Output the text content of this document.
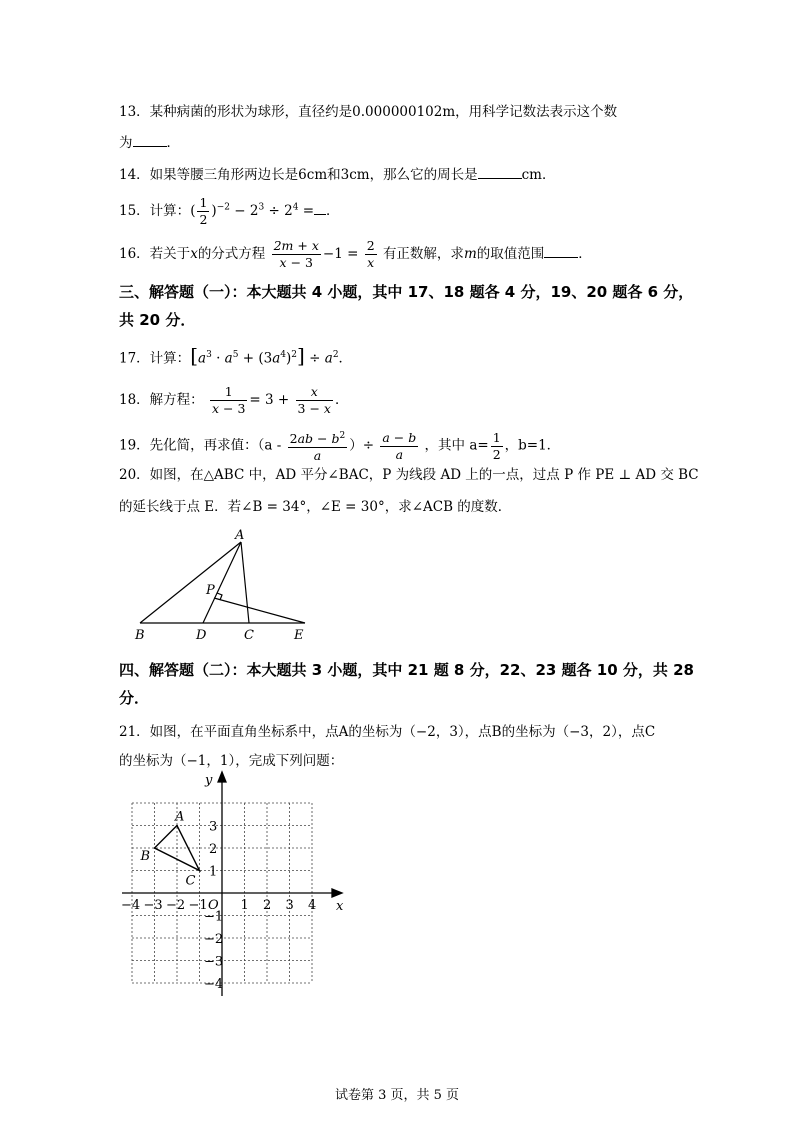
13．某种病菌的形状为球形，直径约是0.000000102m，用科学记数法表示这个数
为	．
14．如果等腰三角形两边长是6cm和3cm，那么它的周长是	cm．
15．计算：( $\frac{1}{2} )^{-2} - 2^3 \div 2^4$ = ．
16．若关于x的分式方程 $\frac{2m + x}{x - 3} -1 = \frac{2}{x}$ 有正数解，求m的取值范围	．
三、解答题（一）：本大题共 4 小题，其中 17、18 题各 4 分，19、20 题各 6 分，
共 20 分．
17．计算：$[a^3 \cdot a^5 + (3a^4)^2] \div a^2$．
18．解方程： $\frac{1}{x - 3} = 3 + \frac{x}{3 - x}$ ．
19．先化简，再求值：（$a - \frac{2ab - b^2}{a}$ ）÷ $\frac{a - b}{a}$ ，其中 $a= \frac{1}{2}$ ，b=1．
20．如图，在△ABC 中，AD 平分∠BAC，P 为线段 AD 上的一点，过点 P 作 PE ⊥ AD 交 BC
的延长线于点 E．若∠B = 34°，∠E = 30°，求∠ACB 的度数．
A
P
B	D	C	E
四、解答题（二）：本大题共 3 小题，其中 21 题 8 分，22、23 题各 10 分，共 28
分．
21．如图，在平面直角坐标系中，点A的坐标为（−2，3），点B的坐标为（−3，2），点C
的坐标为（−1，1），完成下列问题：
−4 −3 −2 −1	1 2 3 4
3
2
1
−1
−2
−3
−4
A
B
C
x
y
O
试卷第 3 页，共 5 页
